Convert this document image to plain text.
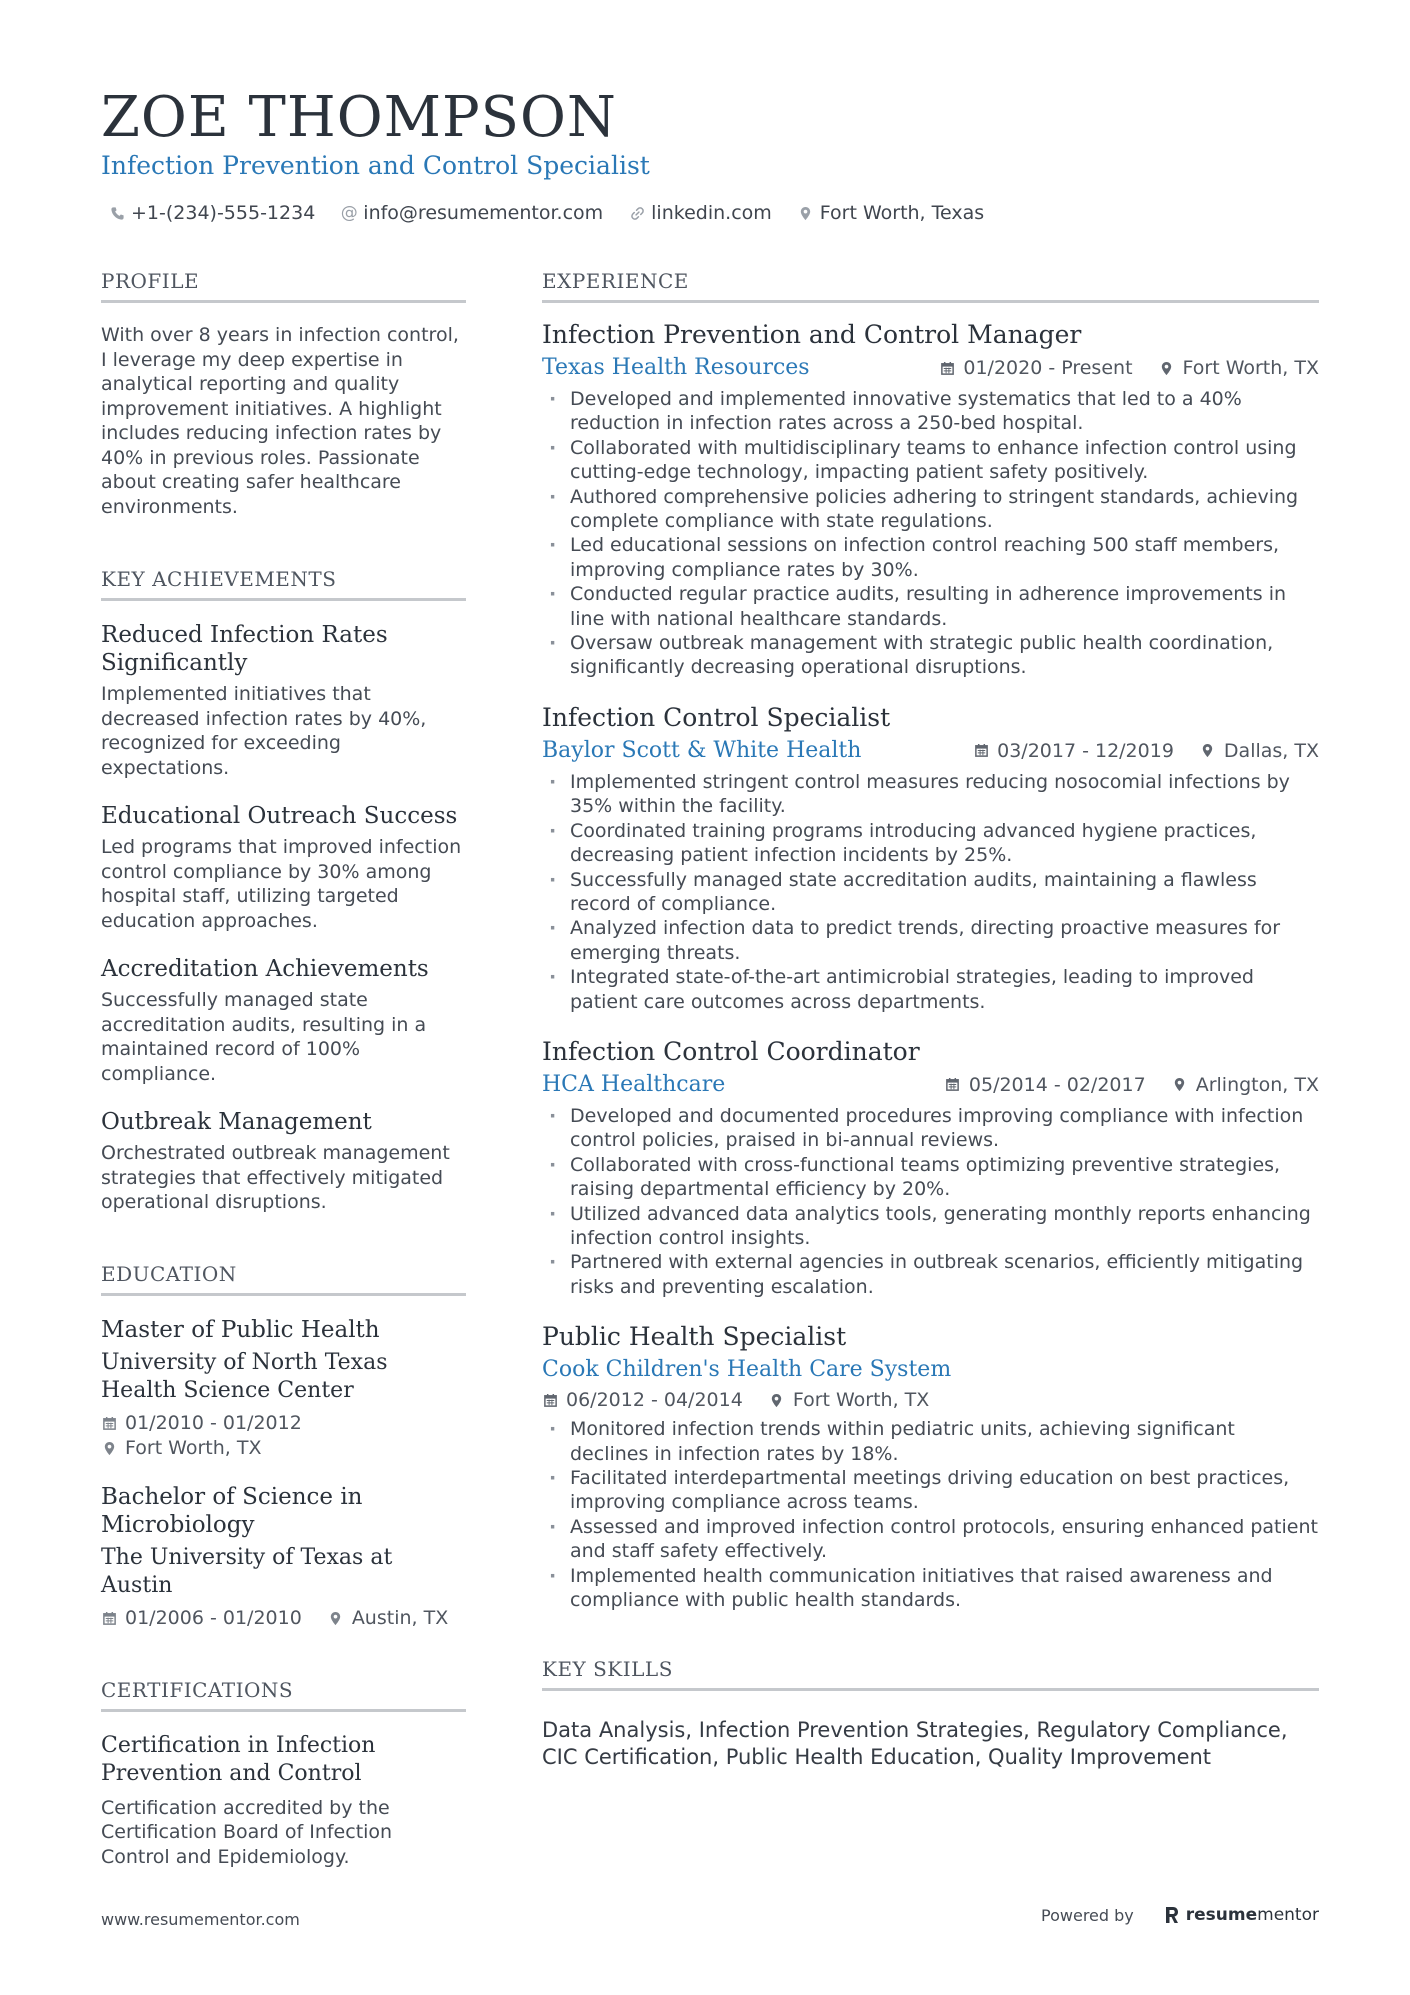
ZOE THOMPSON
Infection Prevention and Control Specialist
+1-(234)-555-1234 @ info@resumementor.com	linkedin.com	Fort Worth, Texas
PROFILE
With over 8 years in infection control, I leverage my deep expertise in analytical reporting and quality improvement initiatives. A highlight includes reducing infection rates by 40% in previous roles. Passionate about creating safer healthcare environments.
KEY ACHIEVEMENTS
Reduced Infection Rates Significantly
Implemented initiatives that decreased infection rates by 40%, recognized for exceeding expectations.
Educational Outreach Success
Led programs that improved infection control compliance by 30% among hospital staff, utilizing targeted education approaches.
Accreditation Achievements
Successfully managed state accreditation audits, resulting in a maintained record of 100% compliance.
Outbreak Management
Orchestrated outbreak management strategies that effectively mitigated operational disruptions.
EDUCATION
Master of Public Health
University of North Texas Health Science Center
01/2010 - 01/2012
Fort Worth, TX
Bachelor of Science in Microbiology
The University of Texas at Austin
01/2006 - 01/2010	Austin, TX
CERTIFICATIONS
Certification in Infection Prevention and Control
Certification accredited by the Certification Board of Infection Control and Epidemiology.
EXPERIENCE
Infection Prevention and Control Manager
Texas Health Resources	01/2020 - Present	Fort Worth, TX
· Developed and implemented innovative systematics that led to a 40% reduction in infection rates across a 250-bed hospital.
· Collaborated with multidisciplinary teams to enhance infection control using cutting-edge technology, impacting patient safety positively.
· Authored comprehensive policies adhering to stringent standards, achieving complete compliance with state regulations.
· Led educational sessions on infection control reaching 500 staff members, improving compliance rates by 30%.
· Conducted regular practice audits, resulting in adherence improvements in line with national healthcare standards.
· Oversaw outbreak management with strategic public health coordination, significantly decreasing operational disruptions.
Infection Control Specialist
Baylor Scott & White Health	03/2017 - 12/2019	Dallas, TX
· Implemented stringent control measures reducing nosocomial infections by 35% within the facility.
· Coordinated training programs introducing advanced hygiene practices, decreasing patient infection incidents by 25%.
· Successfully managed state accreditation audits, maintaining a flawless record of compliance.
· Analyzed infection data to predict trends, directing proactive measures for emerging threats.
· Integrated state-of-the-art antimicrobial strategies, leading to improved patient care outcomes across departments.
Infection Control Coordinator
HCA Healthcare	05/2014 - 02/2017	Arlington, TX
· Developed and documented procedures improving compliance with infection control policies, praised in bi-annual reviews.
· Collaborated with cross-functional teams optimizing preventive strategies, raising departmental efficiency by 20%.
· Utilized advanced data analytics tools, generating monthly reports enhancing infection control insights.
· Partnered with external agencies in outbreak scenarios, efficiently mitigating risks and preventing escalation.
Public Health Specialist
Cook Children's Health Care System
06/2012 - 04/2014	Fort Worth, TX
· Monitored infection trends within pediatric units, achieving significant declines in infection rates by 18%.
· Facilitated interdepartmental meetings driving education on best practices, improving compliance across teams.
· Assessed and improved infection control protocols, ensuring enhanced patient and staff safety effectively.
· Implemented health communication initiatives that raised awareness and compliance with public health standards.
KEY SKILLS
Data Analysis, Infection Prevention Strategies, Regulatory Compliance, CIC Certification, Public Health Education, Quality Improvement
www.resumementor.com	Powered by	resumementor
